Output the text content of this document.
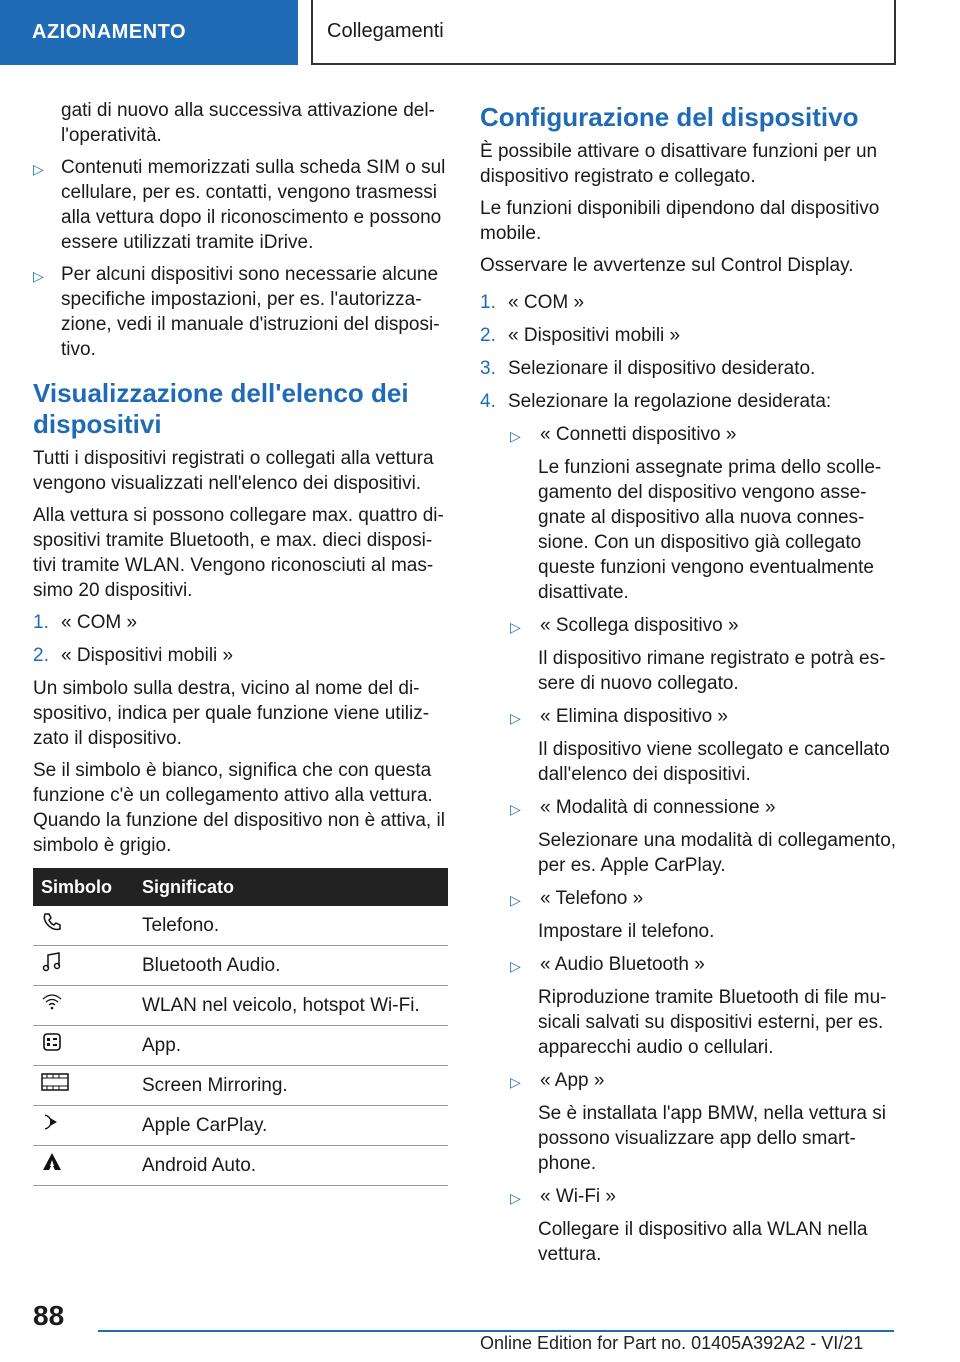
AZIONAMENTO	Collegamenti
gati di nuovo alla successiva attivazione del-l'operatività.
▷ Contenuti memorizzati sulla scheda SIM o sul cellulare, per es. contatti, vengono trasmessi alla vettura dopo il riconoscimento e possono essere utilizzati tramite iDrive.
▷ Per alcuni dispositivi sono necessarie alcune specifiche impostazioni, per es. l'autorizza-zione, vedi il manuale d'istruzioni del disposi-tivo.
Visualizzazione dell'elenco dei dispositivi

Tutti i dispositivi registrati o collegati alla vettura vengono visualizzati nell'elenco dei dispositivi.

Alla vettura si possono collegare max. quattro di-spositivi tramite Bluetooth, e max. dieci disposi-tivi tramite WLAN. Vengono riconosciuti al mas-simo 20 dispositivi.

1. « COM »
2. « Dispositivi mobili »

Un simbolo sulla destra, vicino al nome del di-spositivo, indica per quale funzione viene utiliz-zato il dispositivo.

Se il simbolo è bianco, significa che con questa funzione c'è un collegamento attivo alla vettura. Quando la funzione del dispositivo non è attiva, il simbolo è grigio.

Simbolo	Significato
	Telefono.
	Bluetooth Audio.
	WLAN nel veicolo, hotspot Wi-Fi.
	App.
	Screen Mirroring.
	Apple CarPlay.
	Android Auto.
Configurazione del dispositivo

È possibile attivare o disattivare funzioni per un dispositivo registrato e collegato.

Le funzioni disponibili dipendono dal dispositivo mobile.

Osservare le avvertenze sul Control Display.

1. « COM »
2. « Dispositivi mobili »
3. Selezionare il dispositivo desiderato.
4. Selezionare la regolazione desiderata:
▷	« Connetti dispositivo »
Le funzioni assegnate prima dello scolle-gamento del dispositivo vengono asse-gnate al dispositivo alla nuova connes-sione. Con un dispositivo già collegato queste funzioni vengono eventualmente disattivate.
▷	« Scollega dispositivo »
Il dispositivo rimane registrato e potrà es-sere di nuovo collegato.
▷	« Elimina dispositivo »
Il dispositivo viene scollegato e cancellato dall'elenco dei dispositivi.
▷	« Modalità di connessione »
Selezionare una modalità di collegamento, per es. Apple CarPlay.
▷	« Telefono »
Impostare il telefono.
▷	« Audio Bluetooth »
Riproduzione tramite Bluetooth di file mu-sicali salvati su dispositivi esterni, per es. apparecchi audio o cellulari.
▷	« App »
Se è installata l'app BMW, nella vettura si possono visualizzare app dello smart-phone.
▷	« Wi-Fi »
Collegare il dispositivo alla WLAN nella vettura.
88
Online Edition for Part no. 01405A392A2 - VI/21
